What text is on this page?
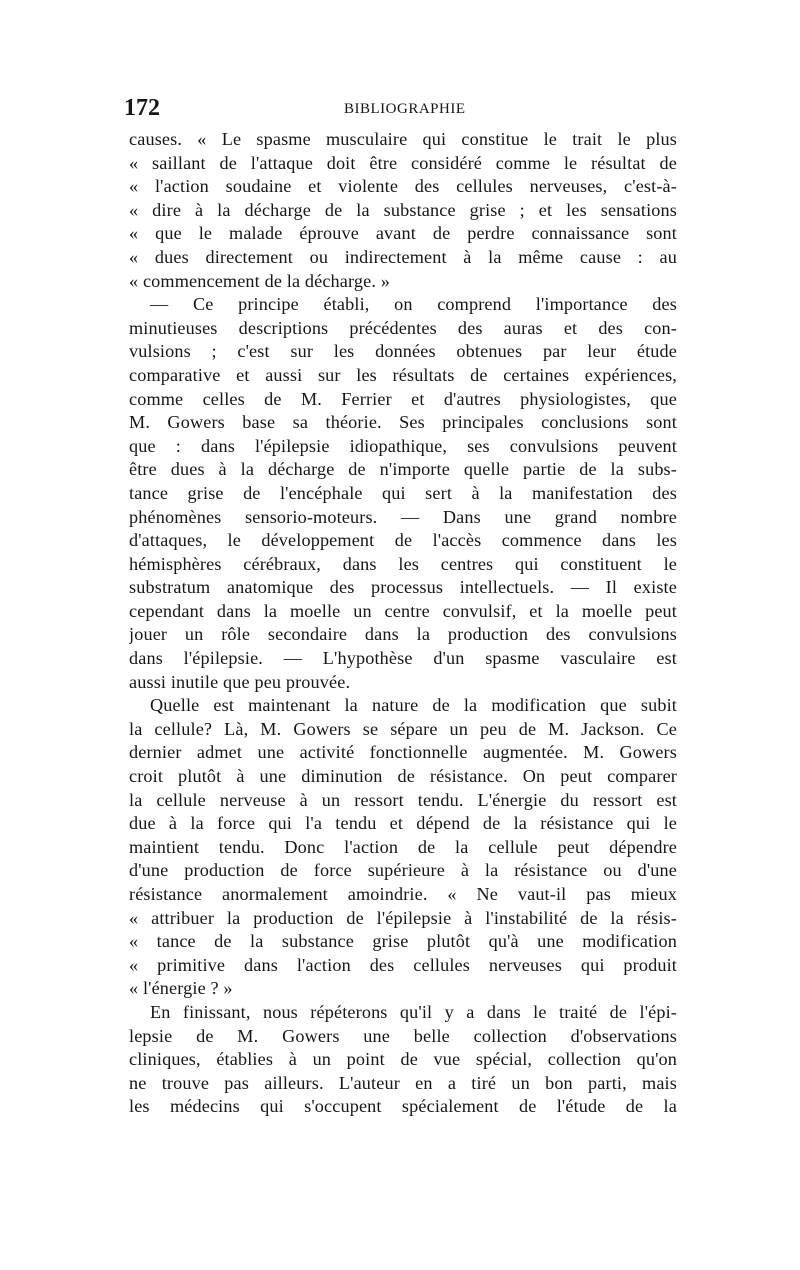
172	BIBLIOGRAPHIE
causes. « Le spasme musculaire qui constitue le trait le plus
« saillant de l'attaque doit être considéré comme le résultat de
« l'action soudaine et violente des cellules nerveuses, c'est-à-
« dire à la décharge de la substance grise ; et les sensations
« que le malade éprouve avant de perdre connaissance sont
« dues directement ou indirectement à la même cause : au
« commencement de la décharge. »
— Ce principe établi, on comprend l'importance des
minutieuses descriptions précédentes des auras et des con-
vulsions ; c'est sur les données obtenues par leur étude
comparative et aussi sur les résultats de certaines expériences,
comme celles de M. Ferrier et d'autres physiologistes, que
M. Gowers base sa théorie. Ses principales conclusions sont
que : dans l'épilepsie idiopathique, ses convulsions peuvent
être dues à la décharge de n'importe quelle partie de la subs-
tance grise de l'encéphale qui sert à la manifestation des
phénomènes sensorio-moteurs. — Dans une grand nombre
d'attaques, le développement de l'accès commence dans les
hémisphères cérébraux, dans les centres qui constituent le
substratum anatomique des processus intellectuels. — Il existe
cependant dans la moelle un centre convulsif, et la moelle peut
jouer un rôle secondaire dans la production des convulsions
dans l'épilepsie. — L'hypothèse d'un spasme vasculaire est
aussi inutile que peu prouvée.
Quelle est maintenant la nature de la modification que subit
la cellule? Là, M. Gowers se sépare un peu de M. Jackson. Ce
dernier admet une activité fonctionnelle augmentée. M. Gowers
croit plutôt à une diminution de résistance. On peut comparer
la cellule nerveuse à un ressort tendu. L'énergie du ressort est
due à la force qui l'a tendu et dépend de la résistance qui le
maintient tendu. Donc l'action de la cellule peut dépendre
d'une production de force supérieure à la résistance ou d'une
résistance anormalement amoindrie. « Ne vaut-il pas mieux
« attribuer la production de l'épilepsie à l'instabilité de la résis-
« tance de la substance grise plutôt qu'à une modification
« primitive dans l'action des cellules nerveuses qui produit
« l'énergie ? »
En finissant, nous répéterons qu'il y a dans le traité de l'épi-
lepsie de M. Gowers une belle collection d'observations
cliniques, établies à un point de vue spécial, collection qu'on
ne trouve pas ailleurs. L'auteur en a tiré un bon parti, mais
les médecins qui s'occupent spécialement de l'étude de la
